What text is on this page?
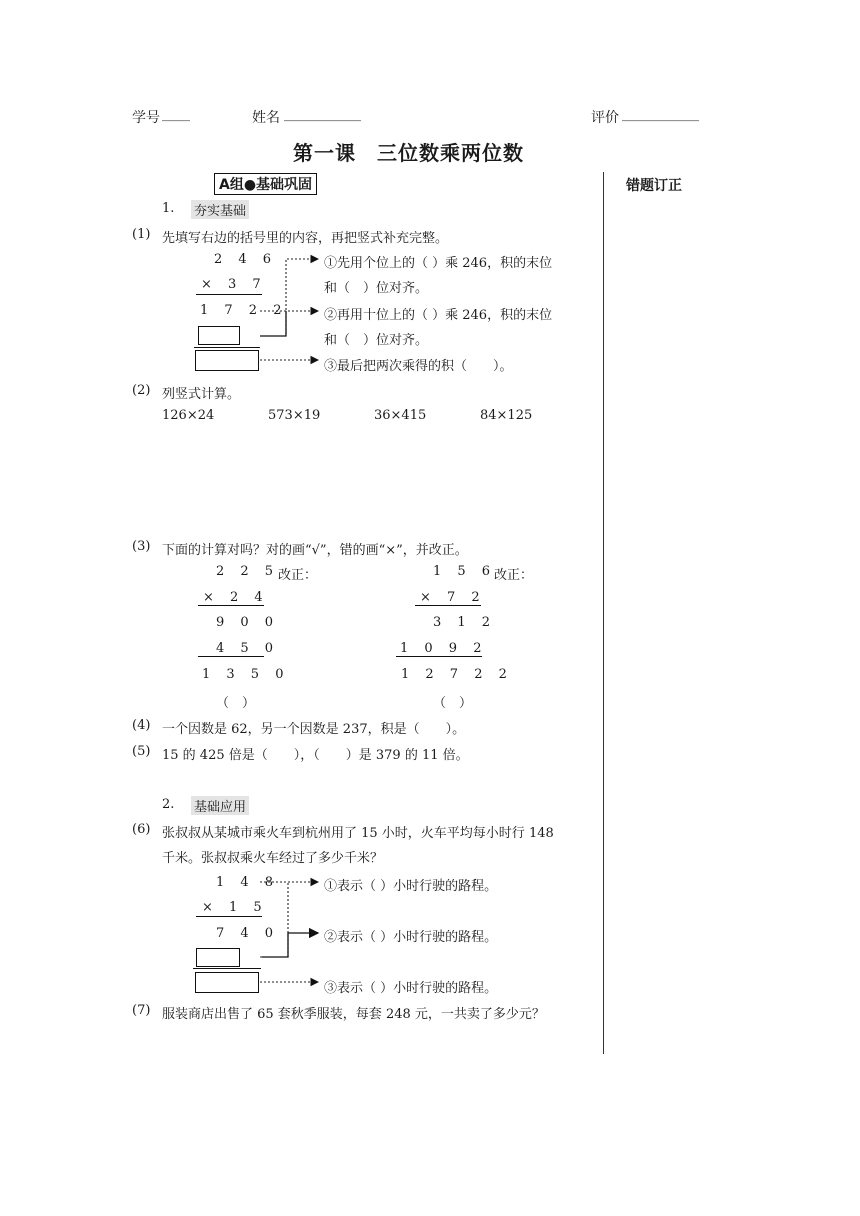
学号 ____	姓名 ___________	评价 ___________
第一课　三位数乘两位数
错题订正
A组●基础巩固
1. 夯实基础
(1) 先填写右边的括号里的内容，再把竖式补充完整。
2 4 6
× 3 7
1 7 2 2
①先用个位上的（ ）乘 246，积的末位
和（　）位对齐。
②再用十位上的（ ）乘 246，积的末位
和（　）位对齐。
③最后把两次乘得的积（　　）。
(2) 列竖式计算。
126×24	573×19	36×415	84×125
(3) 下面的计算对吗？对的画“√”，错的画“×”，并改正。
2 2 5
改正：
× 2 4
9 0 0
4 5 0
1 3 5 0
（　）
1 5 6
改正：
× 7 2
3 1 2
1 0 9 2
1 2 7 2 2
（　）
(4) 一个因数是 62，另一个因数是 237，积是（　　）。
(5) 15 的 425 倍是（　　），（　　）是 379 的 11 倍。
2. 基础应用
(6) 张叔叔从某城市乘火车到杭州用了 15 小时，火车平均每小时行 148
千米。张叔叔乘火车经过了多少千米？
1 4 8
× 1 5
7 4 0
①表示（ ）小时行驶的路程。
②表示（ ）小时行驶的路程。
③表示（ ）小时行驶的路程。
(7) 服装商店出售了 65 套秋季服装，每套 248 元，一共卖了多少元？
